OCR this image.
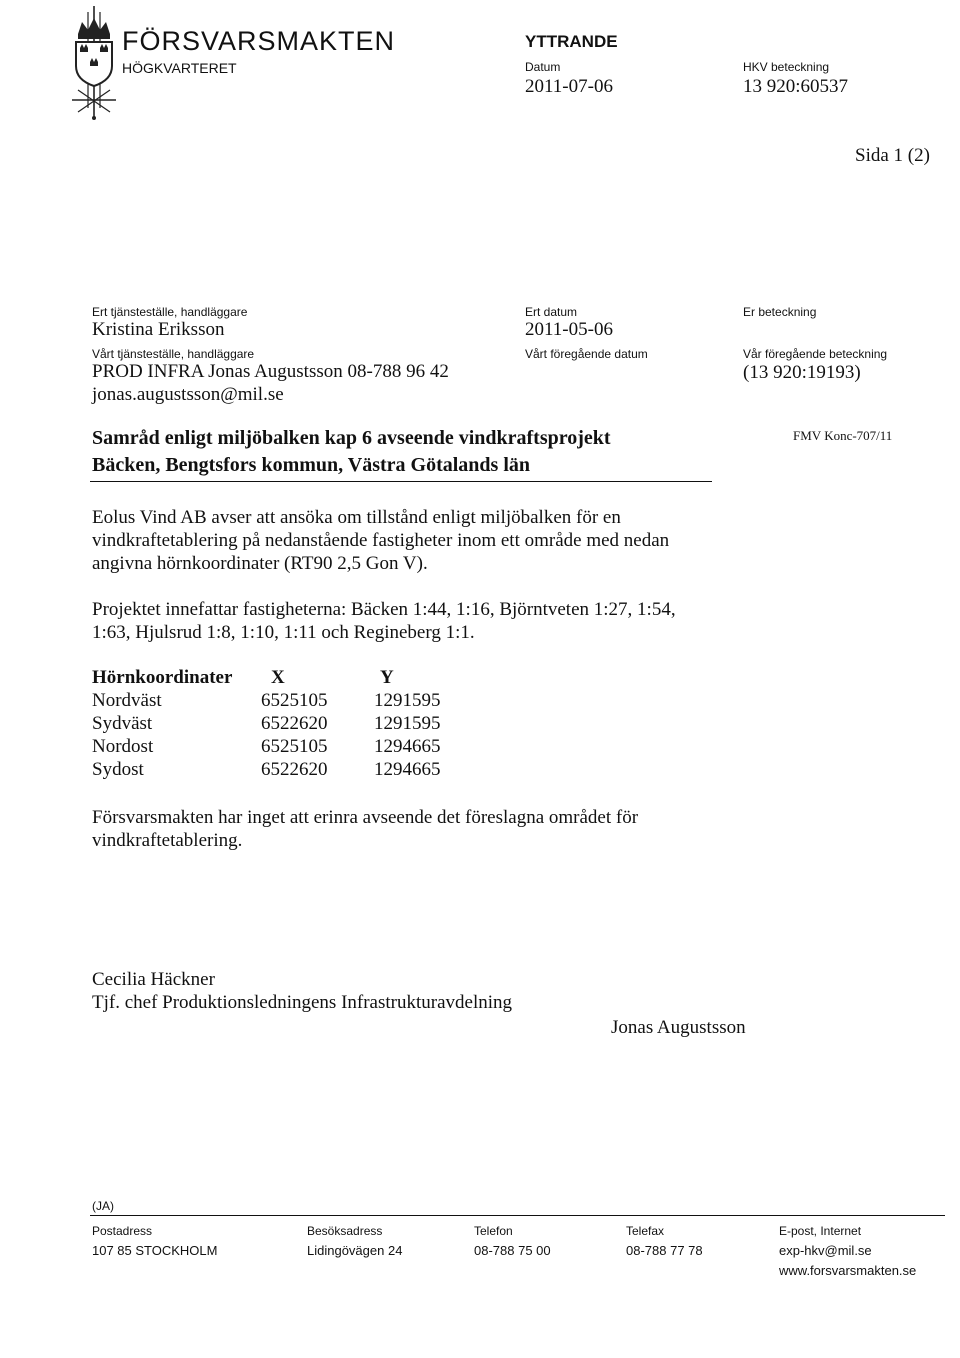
FÖRSVARSMAKTEN
HÖGKVARTERET
YTTRANDE
Datum
2011-07-06
HKV beteckning
13 920:60537
Sida 1 (2)
Ert tjänsteställe, handläggare
Kristina Eriksson
Vårt tjänsteställe, handläggare
PROD INFRA Jonas Augustsson 08-788 96 42
jonas.augustsson@mil.se
Ert datum
2011-05-06
Vårt föregående datum
Er beteckning
Vår föregående beteckning
(13 920:19193)
FMV Konc-707/11
Samråd enligt miljöbalken kap 6 avseende vindkraftsprojekt
Bäcken, Bengtsfors kommun, Västra Götalands län
Eolus Vind AB avser att ansöka om tillstånd enligt miljöbalken för en
vindkraftetablering på nedanstående fastigheter inom ett område med nedan
angivna hörnkoordinater (RT90 2,5 Gon V).
Projektet innefattar fastigheterna: Bäcken 1:44, 1:16, Björntveten 1:27, 1:54,
1:63, Hjulsrud 1:8, 1:10, 1:11 och Regineberg 1:1.
Hörnkoordinater	X	Y
Nordväst	6525105	1291595
Sydväst	6522620	1291595
Nordost	6525105	1294665
Sydost	6522620	1294665
Försvarsmakten har inget att erinra avseende det föreslagna området för
vindkraftetablering.
Cecilia Häckner
Tjf. chef Produktionsledningens Infrastrukturavdelning
Jonas Augustsson
(JA)
Postadress
107 85 STOCKHOLM
Besöksadress
Lidingövägen 24
Telefon
08-788 75 00
Telefax
08-788 77 78
E-post, Internet
exp-hkv@mil.se
www.forsvarsmakten.se
